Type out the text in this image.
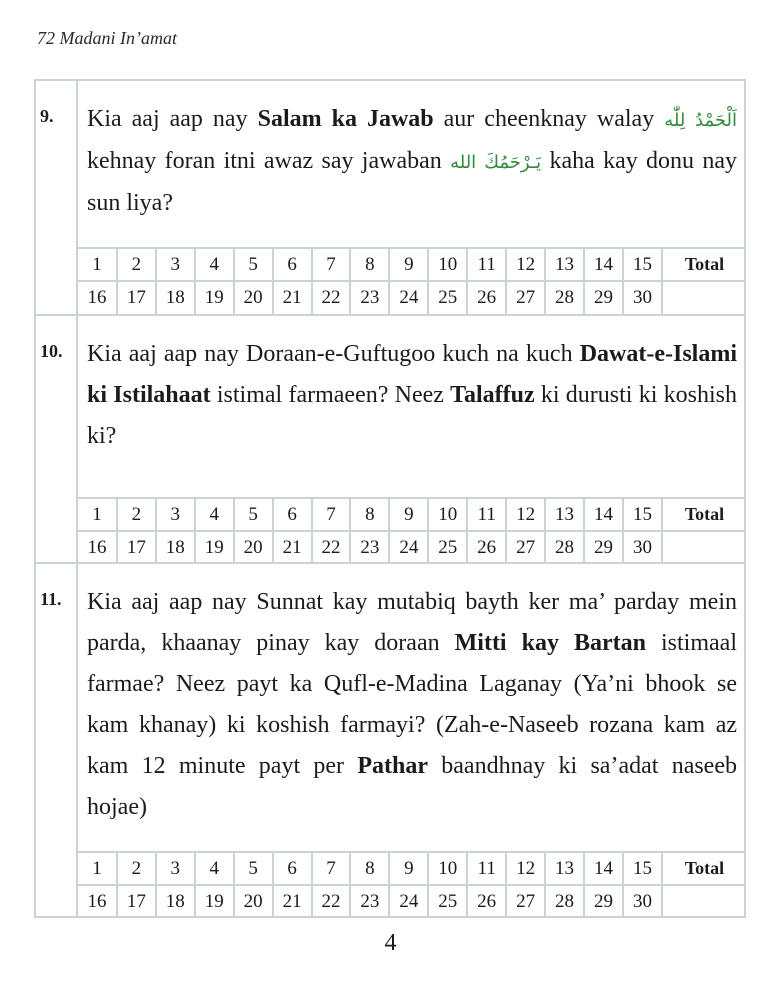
72 Madani In’amat
9. Kia aaj aap nay Salam ka Jawab aur cheenknay walay اَلْحَمْدُ لِلّٰه kehnay foran itni awaz say jawaban يَـرْحَمُكَ الله kaha kay donu nay sun liya?
1	2	3	4	5	6	7	8	9	10	11	12	13	14	15	Total
16	17	18	19	20	21	22	23	24	25	26	27	28	29	30	
10. Kia aaj aap nay Doraan-e-Guftugoo kuch na kuch Dawat-e-Islami ki Istilahaat istimal farmaeen? Neez Talaffuz ki durusti ki koshish ki?
1	2	3	4	5	6	7	8	9	10	11	12	13	14	15	Total
16	17	18	19	20	21	22	23	24	25	26	27	28	29	30	
11. Kia aaj aap nay Sunnat kay mutabiq bayth ker ma’ parday mein parda, khaanay pinay kay doraan Mitti kay Bartan istimaal farmae? Neez payt ka Qufl-e-Madina Laganay (Ya’ni bhook se kam khanay) ki koshish farmayi? (Zah-e-Naseeb rozana kam az kam 12 minute payt per Pathar baandhnay ki sa’adat naseeb hojae)
1	2	3	4	5	6	7	8	9	10	11	12	13	14	15	Total
16	17	18	19	20	21	22	23	24	25	26	27	28	29	30	
4
